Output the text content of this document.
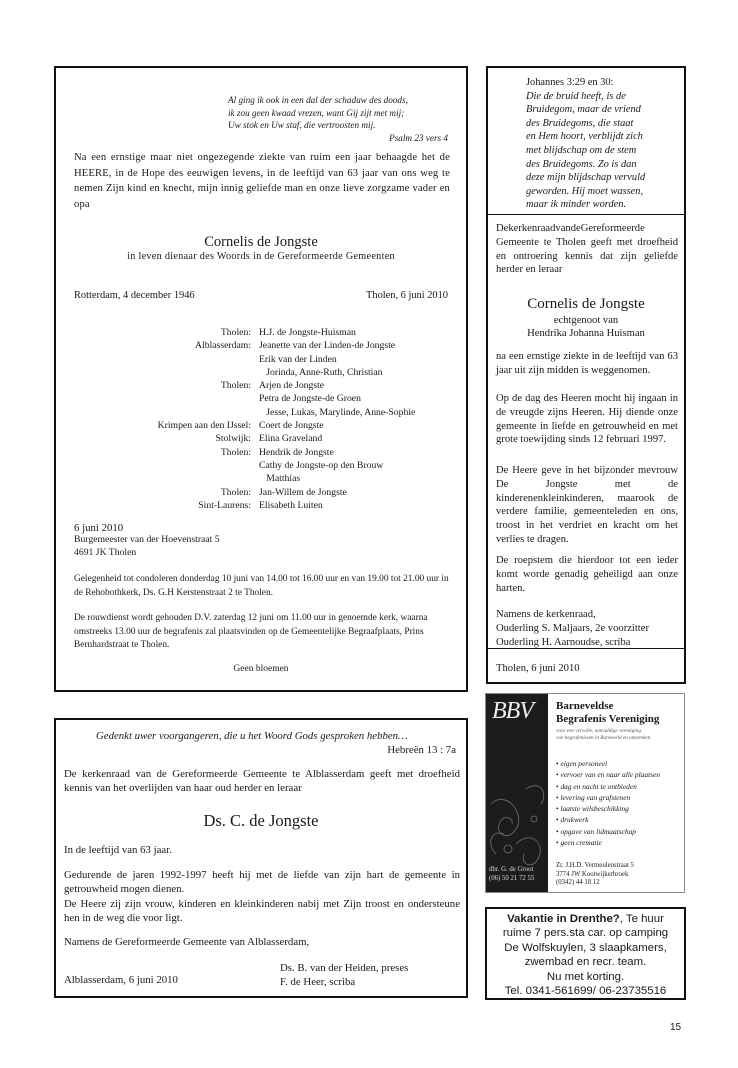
Al ging ik ook in een dal der schaduw des doods,
ik zou geen kwaad vrezen, want Gij zijt met mij;
Uw stok en Uw staf, die vertroosten mij.
Psalm 23 vers 4
Na een ernstige maar niet ongezegende ziekte van ruim een jaar behaagde het de HEERE, in de Hope des eeuwigen levens, in de leeftijd van 63 jaar van ons weg te nemen Zijn kind en knecht, mijn innig geliefde man en onze lieve zorgzame vader en opa
Cornelis de Jongste
in leven dienaar des Woords in de Gereformeerde Gemeenten
Rotterdam, 4 december 1946	Tholen, 6 juni 2010
Tholen: H.J. de Jongste-Huisman
Alblasserdam: Jeanette van der Linden-de Jongste
Erik van der Linden
Jorinda, Anne-Ruth, Christian
Tholen: Arjen de Jongste
Petra de Jongste-de Groen
Jesse, Lukas, Marylinde, Anne-Sophie
Krimpen aan den IJssel: Coert de Jongste
Stolwijk: Elina Graveland
Tholen: Hendrik de Jongste
Cathy de Jongste-op den Brouw
Matthías
Tholen: Jan-Willem de Jongste
Sint-Laurens: Elisabeth Luiten
6 juni 2010
Burgemeester van der Hoevenstraat 5
4691 JK Tholen
Gelegenheid tot condoleren donderdag 10 juni van 14.00 tot 16.00 uur en van 19.00 tot 21.00 uur in de Rehobothkerk, Ds. G.H Kerstenstraat 2 te Tholen.
De rouwdienst wordt gehouden D.V. zaterdag 12 juni om 11.00 uur in genoemde kerk, waarna omstreeks 13.00 uur de begrafenis zal plaatsvinden op de Gemeentelijke Begraafplaats, Prins Bernhardstraat te Tholen.
Geen bloemen
Johannes 3:29 en 30:
Die de bruid heeft, is de
Bruidegom, maar de vriend
des Bruidegoms, die staat
en Hem hoort, verblijdt zich
met blijdschap om de stem
des Bruidegoms. Zo is dan
deze mijn blijdschap vervuld
geworden. Hij moet wassen,
maar ik minder worden.
DekerkenraadvandeGereformeerde Gemeente te Tholen geeft met droefheid en ontroering kennis dat zijn geliefde herder en leraar
Cornelis de Jongste
echtgenoot van
Hendrika Johanna Huisman
na een ernstige ziekte in de leeftijd van 63 jaar uit zijn midden is weggenomen.
Op de dag des Heeren mocht hij ingaan in de vreugde zijns Heeren. Hij diende onze gemeente in liefde en getrouwheid en met grote toewijding sinds 12 februari 1997.
De Heere geve in het bijzonder mevrouw De Jongste met de kinderenenkleinkinderen, maarook de verdere familie, gemeenteleden en ons, troost in het verdriet en kracht om het verlies te dragen.
De roepstem die hierdoor tot een ieder komt worde genadig geheiligd aan onze harten.
Namens de kerkenraad,
Ouderling S. Maljaars, 2e voorzitter
Ouderling H. Aarnoudse, scriba
Tholen, 6 juni 2010
BBV
dhr. G. de Groot
(06) 50 21 72 55
Barneveldse
Begrafenis Vereniging
voor een vervolle, aanvuldige vereniging
van begrafenissen in Barneveld en omstreken
• eigen personeel
• vervoer van en naar alle plaatsen
• dag en nacht te ontbieden
• levering van grafstenen
• laatste wilsbeschikking
• drukwerk
• opgave van lidmaatschap
• geen crematie
Zr. J.H.D. Vermeulenstraat 5
3774 JW Kootwijkerbroek
(0342) 44 18 12
Gedenkt uwer voorgangeren, die u het Woord Gods gesproken hebben…
Hebreën 13 : 7a
De kerkenraad van de Gereformeerde Gemeente te Alblasserdam geeft met droefheid kennis van het overlijden van haar oud herder en leraar
Ds. C. de Jongste
In de leeftijd van 63 jaar.
Gedurende de jaren 1992-1997 heeft hij met de liefde van zijn hart de gemeente in getrouwheid mogen dienen.
De Heere zij zijn vrouw, kinderen en kleinkinderen nabij met Zijn troost en ondersteune hen in de weg die voor ligt.
Namens de Gereformeerde Gemeente van Alblasserdam,
Alblasserdam, 6 juni 2010
Ds. B. van der Heiden, preses
F. de Heer, scriba
Vakantie in Drenthe?, Te huur
ruime 7 pers.sta car. op camping
De Wolfskuylen, 3 slaapkamers,
zwembad en recr. team.
Nu met korting.
Tel. 0341-561699/ 06-23735516
15
